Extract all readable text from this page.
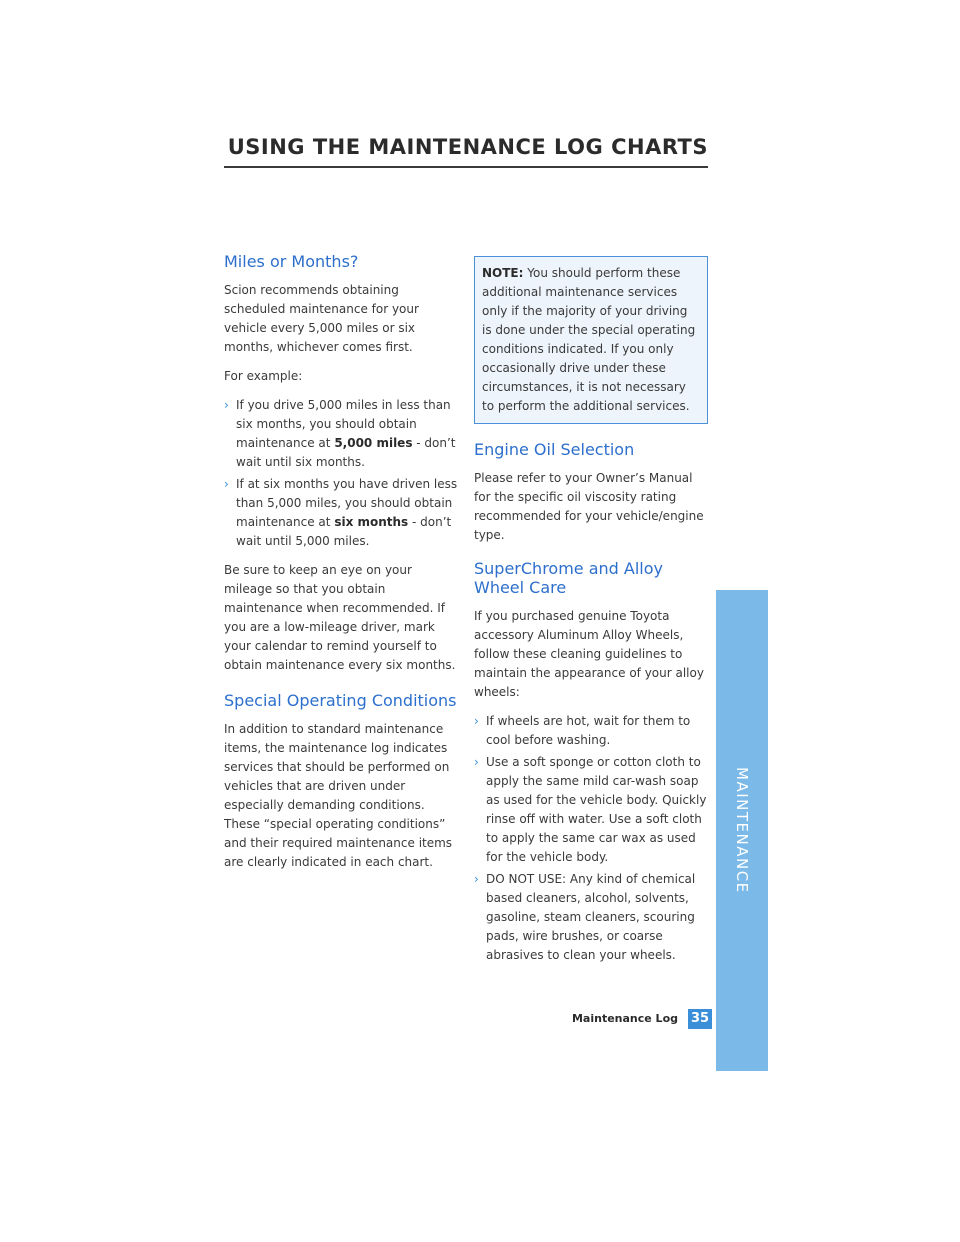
USING THE MAINTENANCE LOG CHARTS
Miles or Months?

Scion recommends obtaining scheduled maintenance for your vehicle every 5,000 miles or six months, whichever comes first.

For example:

› If you drive 5,000 miles in less than six months, you should obtain maintenance at 5,000 miles - don’t wait until six months.
› If at six months you have driven less than 5,000 miles, you should obtain maintenance at six months - don’t wait until 5,000 miles.

Be sure to keep an eye on your mileage so that you obtain maintenance when recommended. If you are a low-mileage driver, mark your calendar to remind yourself to obtain maintenance every six months.

Special Operating Conditions

In addition to standard maintenance items, the maintenance log indicates services that should be performed on vehicles that are driven under especially demanding conditions. These “special operating conditions” and their required maintenance items are clearly indicated in each chart.

NOTE: You should perform these additional maintenance services only if the majority of your driving is done under the special operating conditions indicated. If you only occasionally drive under these circumstances, it is not necessary to perform the additional services.

Engine Oil Selection

Please refer to your Owner’s Manual for the specific oil viscosity rating recommended for your vehicle/engine type.

SuperChrome and Alloy Wheel Care

If you purchased genuine Toyota accessory Aluminum Alloy Wheels, follow these cleaning guidelines to maintain the appearance of your alloy wheels:

› If wheels are hot, wait for them to cool before washing.
› Use a soft sponge or cotton cloth to apply the same mild car-wash soap as used for the vehicle body. Quickly rinse off with water. Use a soft cloth to apply the same car wax as used for the vehicle body.
› DO NOT USE: Any kind of chemical based cleaners, alcohol, solvents, gasoline, steam cleaners, scouring pads, wire brushes, or coarse abrasives to clean your wheels.
MAINTENANCE
Maintenance Log 35
